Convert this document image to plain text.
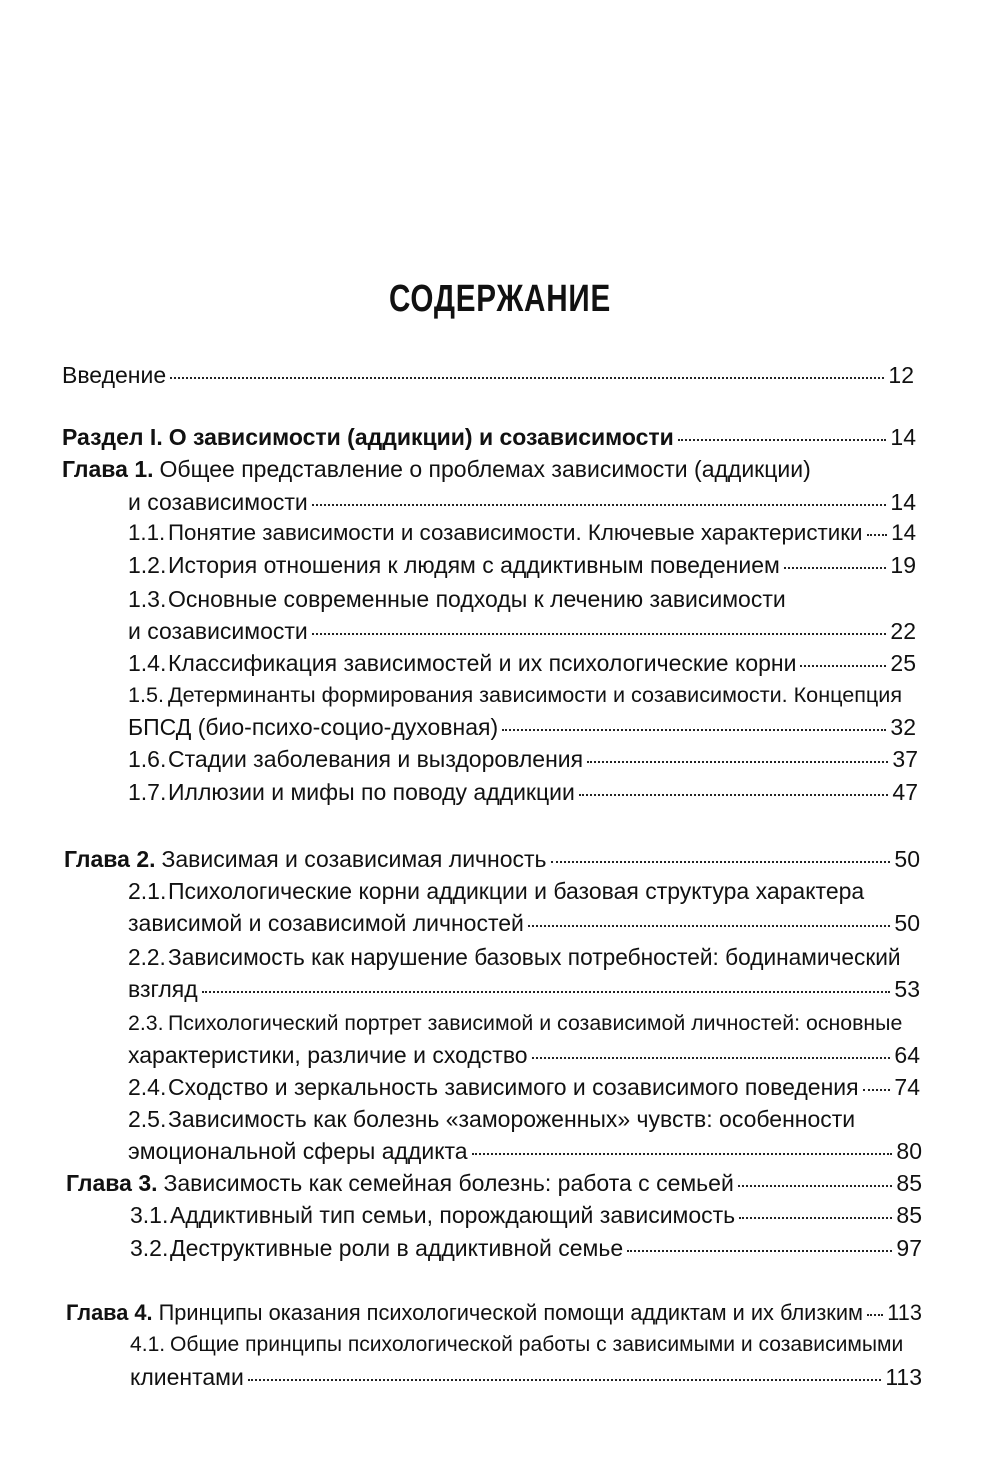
СОДЕРЖАНИЕ
Введение	12
Раздел I. О зависимости (аддикции) и созависимости	14
Глава 1. Общее представление о проблемах зависимости (аддикции)
и созависимости	14
1.1. Понятие зависимости и созависимости. Ключевые характеристики 14
1.2. История отношения к людям с аддиктивным поведением	19
1.3. Основные современные подходы к лечению зависимости
и созависимости	22
1.4. Классификация зависимостей и их психологические корни	25
1.5. Детерминанты формирования зависимости и созависимости. Концепция
БПСД (био-психо-социо-духовная)	32
1.6. Стадии заболевания и выздоровления	37
1.7. Иллюзии и мифы по поводу аддикции	47
Глава 2. Зависимая и созависимая личность	50
2.1. Психологические корни аддикции и базовая структура характера
зависимой и созависимой личностей	50
2.2. Зависимость как нарушение базовых потребностей: бодинамический
взгляд	53
2.3. Психологический портрет зависимой и созависимой личностей: основные
характеристики, различие и сходство	64
2.4. Сходство и зеркальность зависимого и созависимого поведения 74
2.5. Зависимость как болезнь «замороженных» чувств: особенности
эмоциональной сферы аддикта	80
Глава 3. Зависимость как семейная болезнь: работа с семьей	85
3.1. Аддиктивный тип семьи, порождающий зависимость	85
3.2. Деструктивные роли в аддиктивной семье	97
Глава 4. Принципы оказания психологической помощи аддиктам и их близким 113
4.1. Общие принципы психологической работы с зависимыми и созависимыми
клиентами	113
